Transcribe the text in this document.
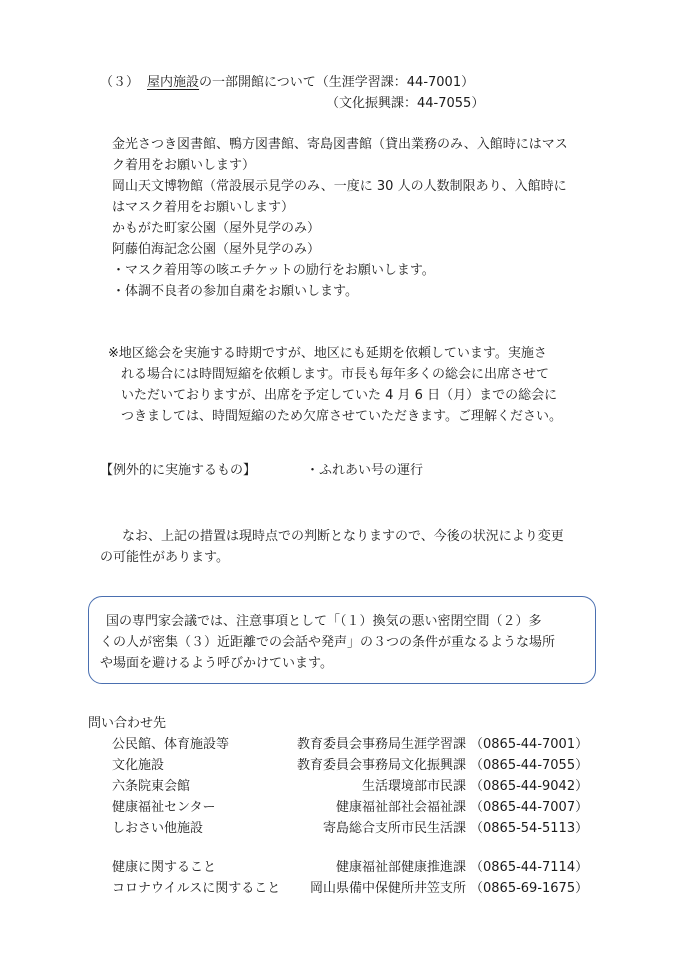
（３） 屋内施設の一部開館について（生涯学習課：44-7001）
（文化振興課：44-7055）
金光さつき図書館、鴨方図書館、寄島図書館（貸出業務のみ、入館時にはマス
ク着用をお願いします）
岡山天文博物館（常設展示見学のみ、一度に 30 人の人数制限あり、入館時に
はマスク着用をお願いします）
かもがた町家公園（屋外見学のみ）
阿藤伯海記念公園（屋外見学のみ）
・マスク着用等の咳エチケットの励行をお願いします。
・体調不良者の参加自粛をお願いします。
※地区総会を実施する時期ですが、地区にも延期を依頼しています。実施さ
れる場合には時間短縮を依頼します。市長も毎年多くの総会に出席させて
いただいておりますが、出席を予定していた 4 月 6 日（月）までの総会に
つきましては、時間短縮のため欠席させていただきます。ご理解ください。
【例外的に実施するもの】	・ふれあい号の運行
なお、上記の措置は現時点での判断となりますので、今後の状況により変更
の可能性があります。
国の専門家会議では、注意事項として「（１）換気の悪い密閉空間（２）多
くの人が密集（３）近距離での会話や発声」の３つの条件が重なるような場所
や場面を避けるよう呼びかけています。
問い合わせ先
公民館、体育施設等	教育委員会事務局生涯学習課 （0865-44-7001）
文化施設	教育委員会事務局文化振興課 （0865-44-7055）
六条院東会館	生活環境部市民課 （0865-44-9042）
健康福祉センター	健康福祉部社会福祉課 （0865-44-7007）
しおさい他施設	寄島総合支所市民生活課 （0865-54-5113）
健康に関すること	健康福祉部健康推進課 （0865-44-7114）
コロナウイルスに関すること 岡山県備中保健所井笠支所 （0865-69-1675）
